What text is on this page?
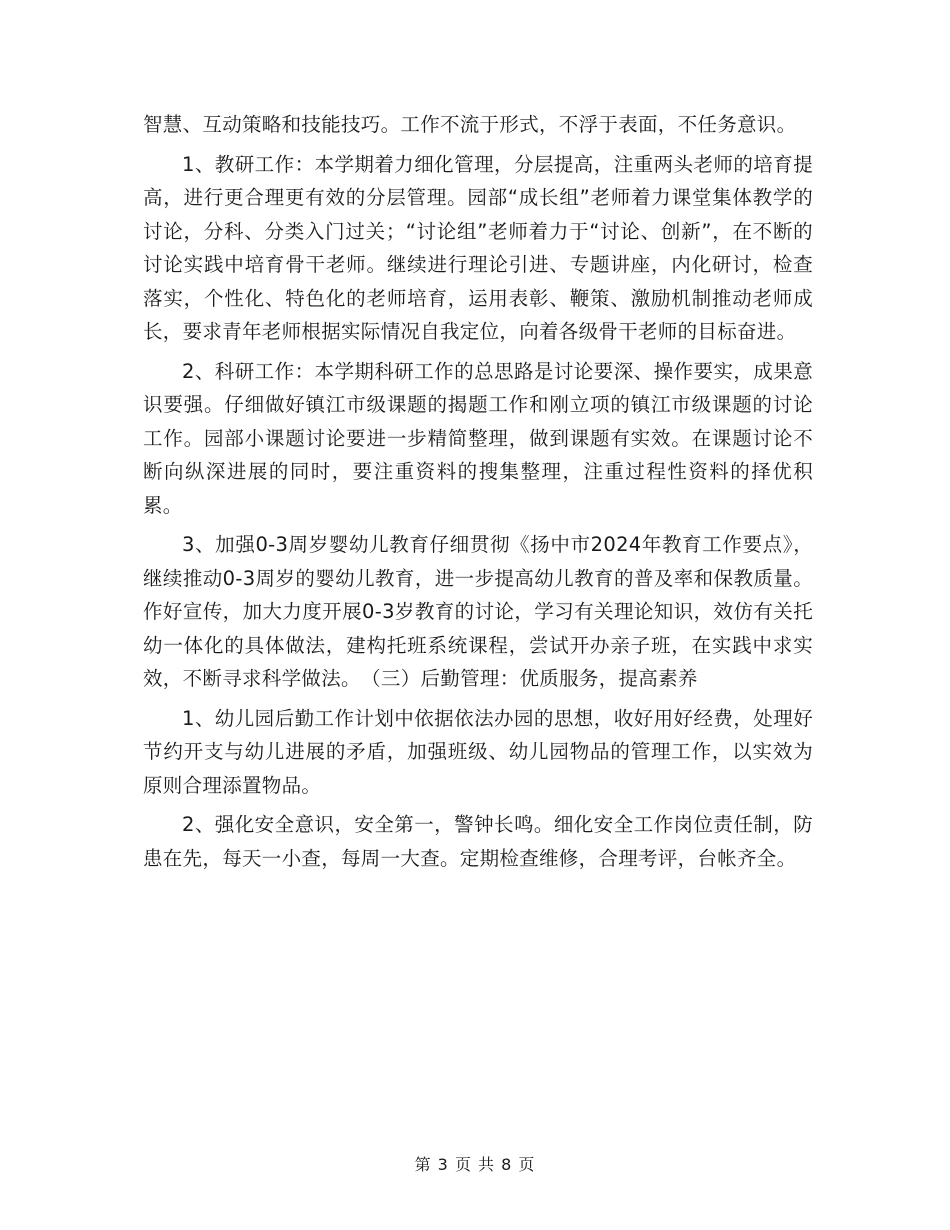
智慧、互动策略和技能技巧。工作不流于形式，不浮于表面，不任务意识。

1、教研工作：本学期着力细化管理，分层提高，注重两头老师的培育提高，进行更合理更有效的分层管理。园部“成长组”老师着力课堂集体教学的讨论，分科、分类入门过关；“讨论组”老师着力于“讨论、创新”，在不断的讨论实践中培育骨干老师。继续进行理论引进、专题讲座，内化研讨，检查落实，个性化、特色化的老师培育，运用表彰、鞭策、激励机制推动老师成长，要求青年老师根据实际情况自我定位，向着各级骨干老师的目标奋进。

2、科研工作：本学期科研工作的总思路是讨论要深、操作要实，成果意识要强。仔细做好镇江市级课题的揭题工作和刚立项的镇江市级课题的讨论工作。园部小课题讨论要进一步精简整理，做到课题有实效。在课题讨论不断向纵深进展的同时，要注重资料的搜集整理，注重过程性资料的择优积累。

3、加强0-3周岁婴幼儿教育仔细贯彻《扬中市2024年教育工作要点》，继续推动0-3周岁的婴幼儿教育，进一步提高幼儿教育的普及率和保教质量。作好宣传，加大力度开展0-3岁教育的讨论，学习有关理论知识，效仿有关托幼一体化的具体做法，建构托班系统课程，尝试开办亲子班，在实践中求实效，不断寻求科学做法。　（三）后勤管理：优质服务，提高素养

1、幼儿园后勤工作计划中依据依法办园的思想，收好用好经费，处理好节约开支与幼儿进展的矛盾，加强班级、幼儿园物品的管理工作，以实效为原则合理添置物品。

2、强化安全意识，安全第一，警钟长鸣。细化安全工作岗位责任制，防患在先，每天一小查，每周一大查。定期检查维修，合理考评，台帐齐全。

第 3 页 共 8 页
